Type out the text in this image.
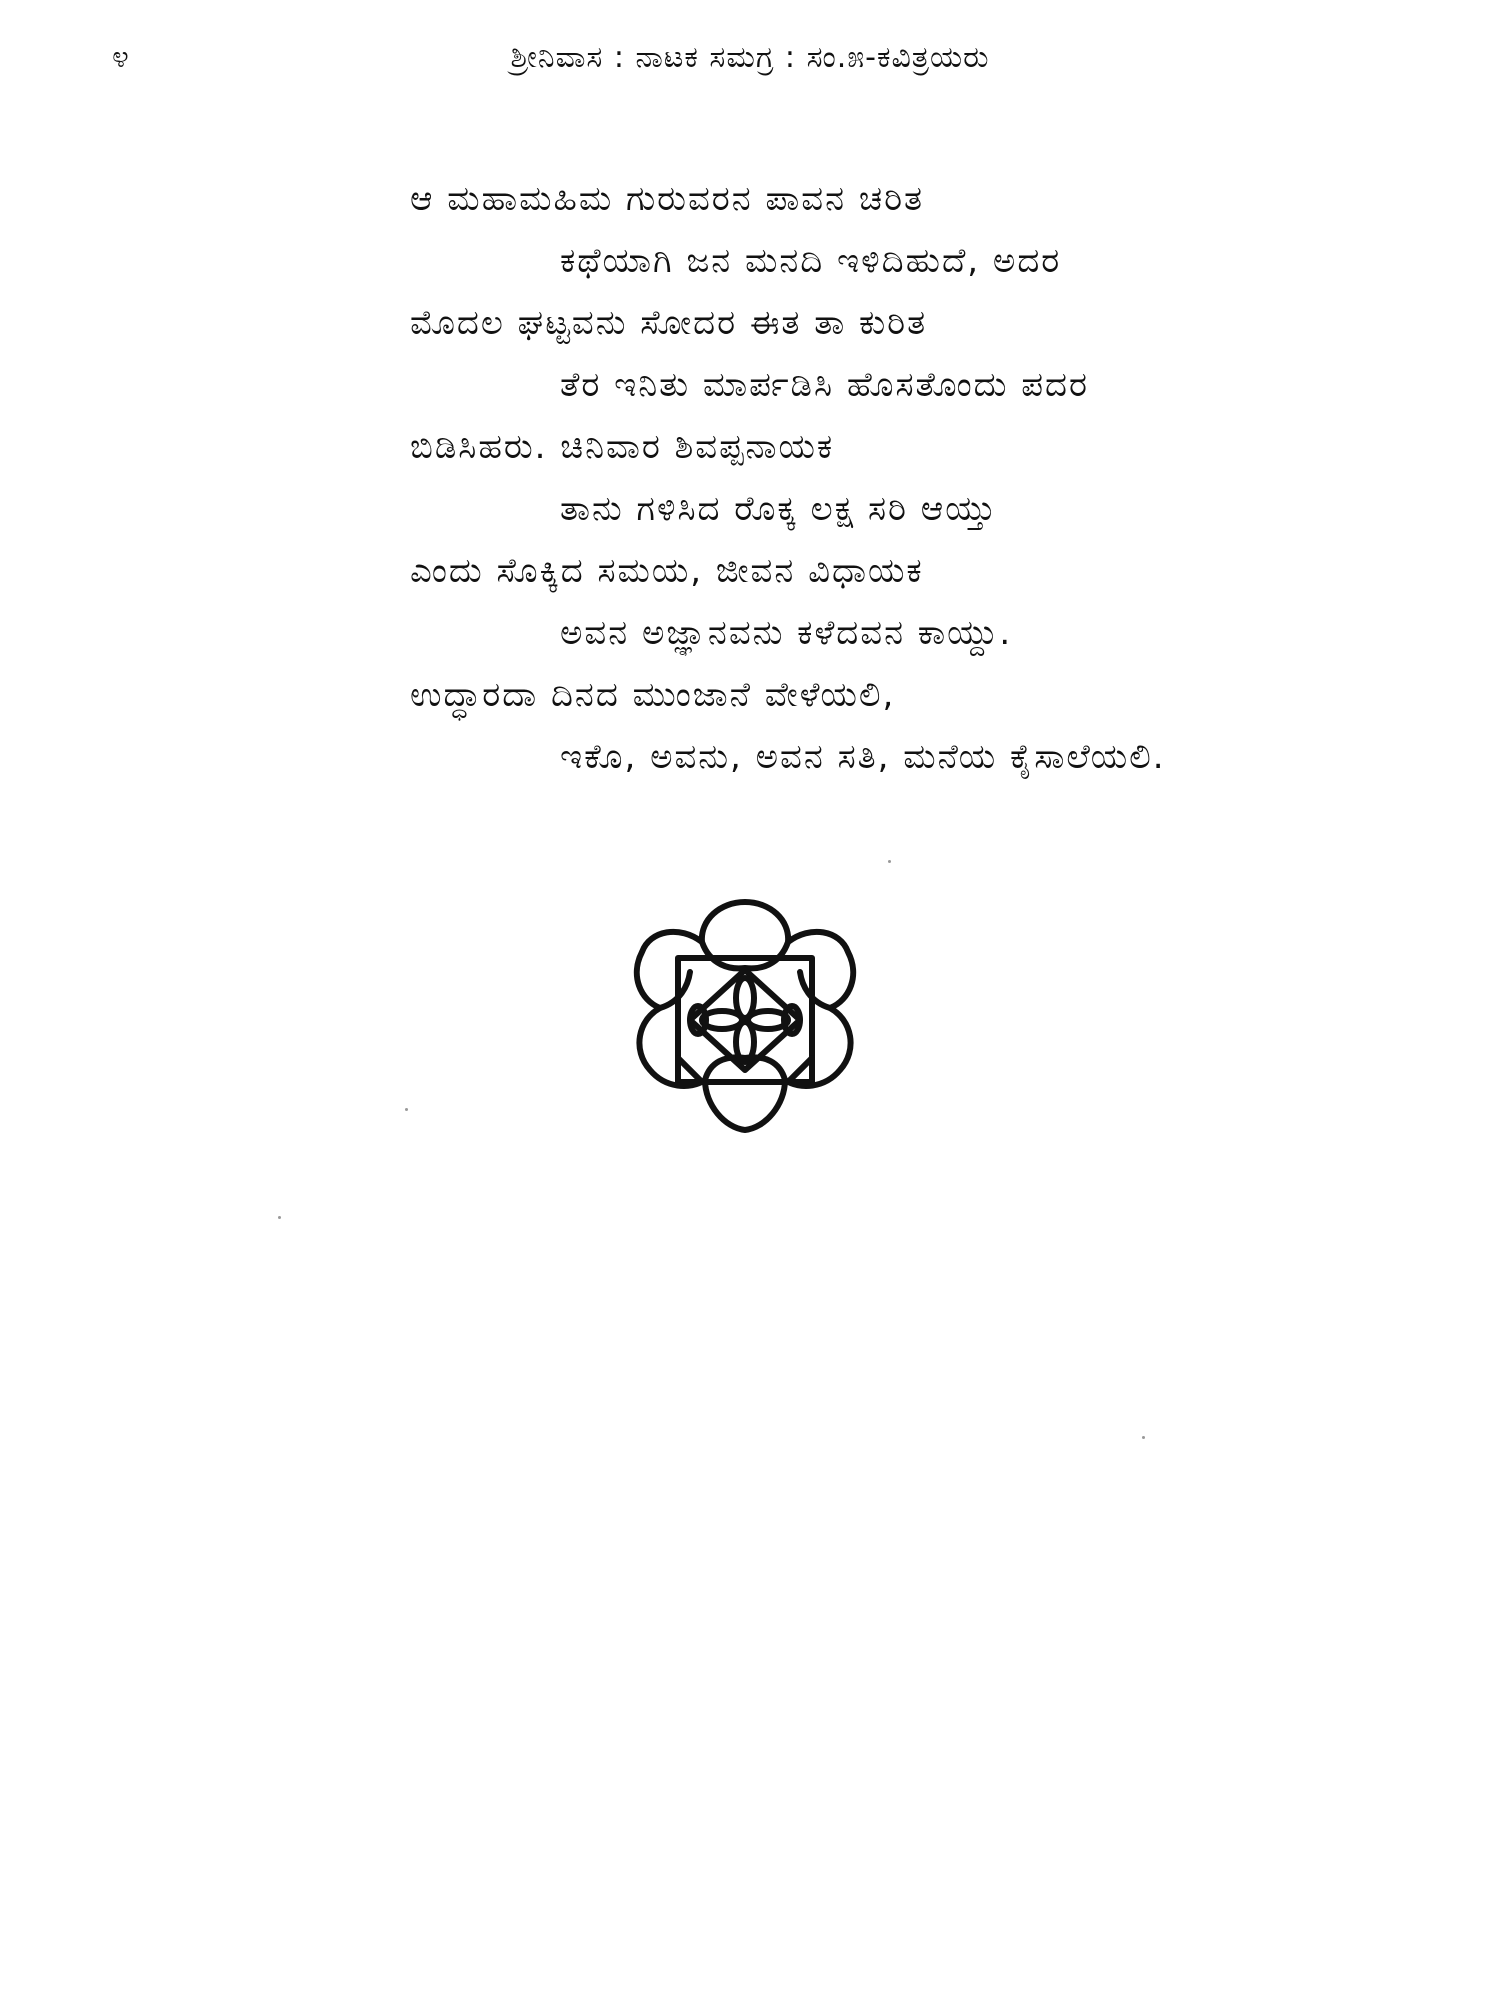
೪	ಶ್ರೀನಿವಾಸ : ನಾಟಕ ಸಮಗ್ರ : ಸಂ.೫-ಕವಿತ್ರಯರು
ಆ ಮಹಾಮಹಿಮ ಗುರುವರನ ಪಾವನ ಚರಿತ
ಕಥೆಯಾಗಿ ಜನ ಮನದಿ ಇಳಿದಿಹುದೆ, ಅದರ
ಮೊದಲ ಘಟ್ಟವನು ಸೋದರ ಈತ ತಾ ಕುರಿತ
ತೆರ ಇನಿತು ಮಾರ್ಪಡಿಸಿ ಹೊಸತೊಂದು ಪದರ
ಬಿಡಿಸಿಹರು. ಚಿನಿವಾರ ಶಿವಪ್ಪನಾಯಕ
ತಾನು ಗಳಿಸಿದ ರೊಕ್ಕ ಲಕ್ಷ ಸರಿ ಆಯ್ತು
ಎಂದು ಸೊಕ್ಕಿದ ಸಮಯ, ಜೀವನ ವಿಧಾಯಕ
ಅವನ ಅಜ್ಞಾನವನು ಕಳೆದವನ ಕಾಯ್ದು.
ಉದ್ಧಾರದಾ ದಿನದ ಮುಂಜಾನೆ ವೇಳೆಯಲಿ,
ಇಕೊ, ಅವನು, ಅವನ ಸತಿ, ಮನೆಯ ಕೈಸಾಲೆಯಲಿ.
